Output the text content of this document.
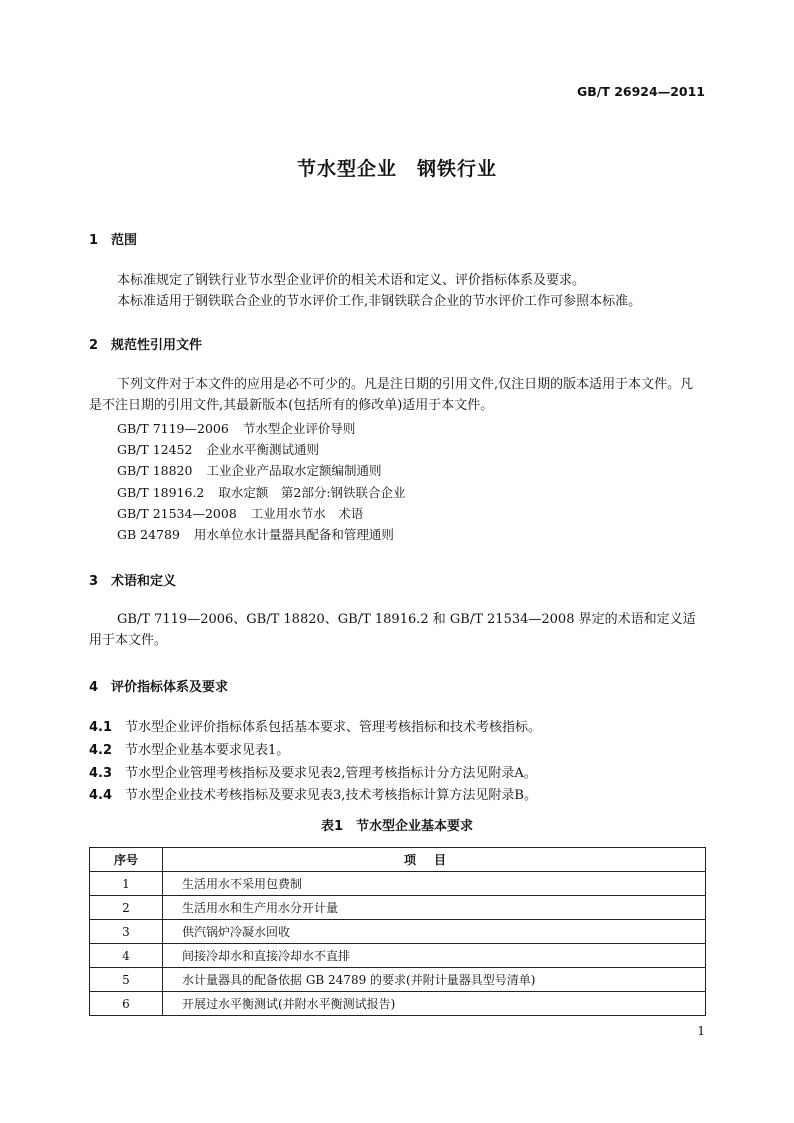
GB/T 26924—2011
节水型企业　钢铁行业
1 范围
本标准规定了钢铁行业节水型企业评价的相关术语和定义、评价指标体系及要求。
本标准适用于钢铁联合企业的节水评价工作,非钢铁联合企业的节水评价工作可参照本标准。
2 规范性引用文件
下列文件对于本文件的应用是必不可少的。凡是注日期的引用文件,仅注日期的版本适用于本文件。凡是不注日期的引用文件,其最新版本(包括所有的修改单)适用于本文件。
GB/T 7119—2006 节水型企业评价导则
GB/T 12452 企业水平衡测试通则
GB/T 18820 工业企业产品取水定额编制通则
GB/T 18916.2 取水定额　第2部分:钢铁联合企业
GB/T 21534—2008 工业用水节水　术语
GB 24789 用水单位水计量器具配备和管理通则
3 术语和定义
GB/T 7119—2006、GB/T 18820、GB/T 18916.2 和 GB/T 21534—2008 界定的术语和定义适用于本文件。
4 评价指标体系及要求
4.1 节水型企业评价指标体系包括基本要求、管理考核指标和技术考核指标。
4.2 节水型企业基本要求见表1。
4.3 节水型企业管理考核指标及要求见表2,管理考核指标计分方法见附录A。
4.4 节水型企业技术考核指标及要求见表3,技术考核指标计算方法见附录B。
表1　节水型企业基本要求
序号	项目
1	生活用水不采用包费制
2	生活用水和生产用水分开计量
3	供汽锅炉冷凝水回收
4	间接冷却水和直接冷却水不直排
5	水计量器具的配备依据 GB 24789 的要求(并附计量器具型号清单)
6	开展过水平衡测试(并附水平衡测试报告)
1
